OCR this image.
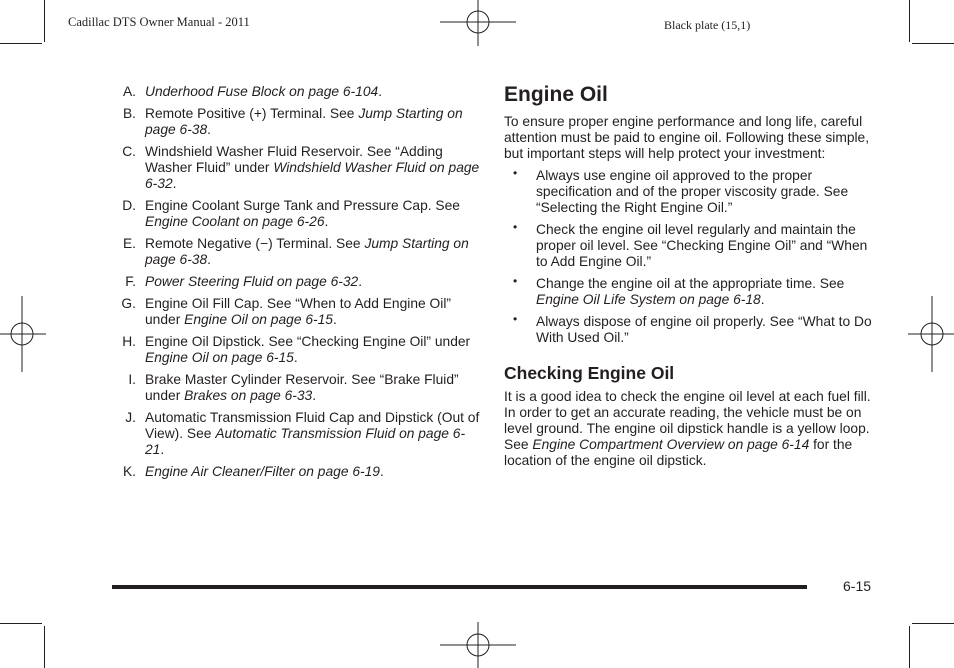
Cadillac DTS Owner Manual - 2011	Black plate (15,1)
A. Underhood Fuse Block on page 6-104.
B. Remote Positive (+) Terminal. See Jump Starting on page 6-38.
C. Windshield Washer Fluid Reservoir. See “Adding Washer Fluid” under Windshield Washer Fluid on page 6-32.
D. Engine Coolant Surge Tank and Pressure Cap. See Engine Coolant on page 6-26.
E. Remote Negative (−) Terminal. See Jump Starting on page 6-38.
F. Power Steering Fluid on page 6-32.
G. Engine Oil Fill Cap. See “When to Add Engine Oil” under Engine Oil on page 6-15.
H. Engine Oil Dipstick. See “Checking Engine Oil” under Engine Oil on page 6-15.
I. Brake Master Cylinder Reservoir. See “Brake Fluid” under Brakes on page 6-33.
J. Automatic Transmission Fluid Cap and Dipstick (Out of View). See Automatic Transmission Fluid on page 6-21.
K. Engine Air Cleaner/Filter on page 6-19.
Engine Oil

To ensure proper engine performance and long life, careful attention must be paid to engine oil. Following these simple, but important steps will help protect your investment:

• Always use engine oil approved to the proper specification and of the proper viscosity grade. See “Selecting the Right Engine Oil.”
• Check the engine oil level regularly and maintain the proper oil level. See “Checking Engine Oil” and “When to Add Engine Oil.”
• Change the engine oil at the appropriate time. See Engine Oil Life System on page 6-18.
• Always dispose of engine oil properly. See “What to Do With Used Oil.”
Checking Engine Oil

It is a good idea to check the engine oil level at each fuel fill. In order to get an accurate reading, the vehicle must be on level ground. The engine oil dipstick handle is a yellow loop. See Engine Compartment Overview on page 6-14 for the location of the engine oil dipstick.

6-15
